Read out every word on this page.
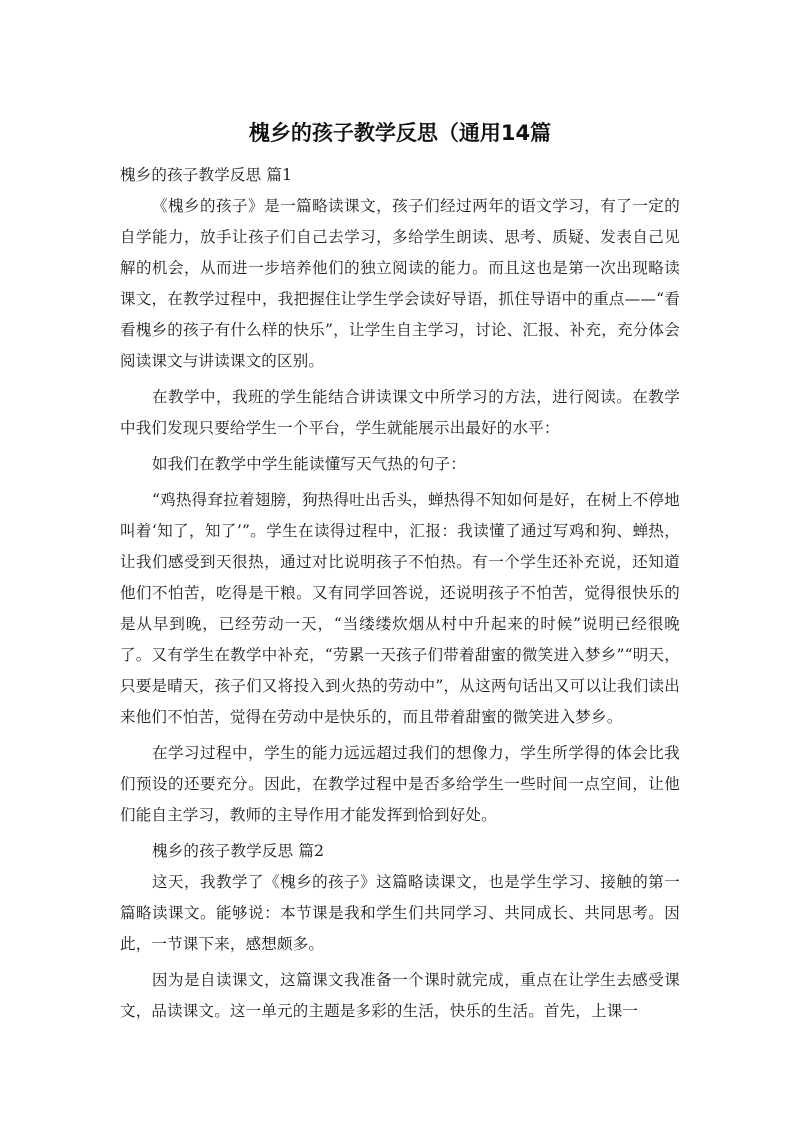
槐乡的孩子教学反思（通用14篇
槐乡的孩子教学反思 篇1

《槐乡的孩子》是一篇略读课文，孩子们经过两年的语文学习，有了一定的自学能力，放手让孩子们自己去学习，多给学生朗读、思考、质疑、发表自己见解的机会，从而进一步培养他们的独立阅读的能力。而且这也是第一次出现略读课文，在教学过程中，我把握住让学生学会读好导语，抓住导语中的重点——“看看槐乡的孩子有什么样的快乐”，让学生自主学习，讨论、汇报、补充，充分体会阅读课文与讲读课文的区别。

在教学中，我班的学生能结合讲读课文中所学习的方法，进行阅读。在教学中我们发现只要给学生一个平台，学生就能展示出最好的水平：

如我们在教学中学生能读懂写天气热的句子：

“鸡热得耷拉着翅膀，狗热得吐出舌头，蝉热得不知如何是好，在树上不停地叫着‘知了，知了’”。学生在读得过程中，汇报：我读懂了通过写鸡和狗、蝉热，让我们感受到天很热，通过对比说明孩子不怕热。有一个学生还补充说，还知道他们不怕苦，吃得是干粮。又有同学回答说，还说明孩子不怕苦，觉得很快乐的是从早到晚，已经劳动一天，“当缕缕炊烟从村中升起来的时候”说明已经很晚了。又有学生在教学中补充，“劳累一天孩子们带着甜蜜的微笑进入梦乡”“明天，只要是晴天，孩子们又将投入到火热的劳动中”，从这两句话出又可以让我们读出来他们不怕苦，觉得在劳动中是快乐的，而且带着甜蜜的微笑进入梦乡。

在学习过程中，学生的能力远远超过我们的想像力，学生所学得的体会比我们预设的还要充分。因此，在教学过程中是否多给学生一些时间一点空间，让他们能自主学习，教师的主导作用才能发挥到恰到好处。

槐乡的孩子教学反思 篇2

这天，我教学了《槐乡的孩子》这篇略读课文，也是学生学习、接触的第一篇略读课文。能够说：本节课是我和学生们共同学习、共同成长、共同思考。因此，一节课下来，感想颇多。

因为是自读课文，这篇课文我准备一个课时就完成，重点在让学生去感受课文，品读课文。这一单元的主题是多彩的生活，快乐的生活。首先，上课一
